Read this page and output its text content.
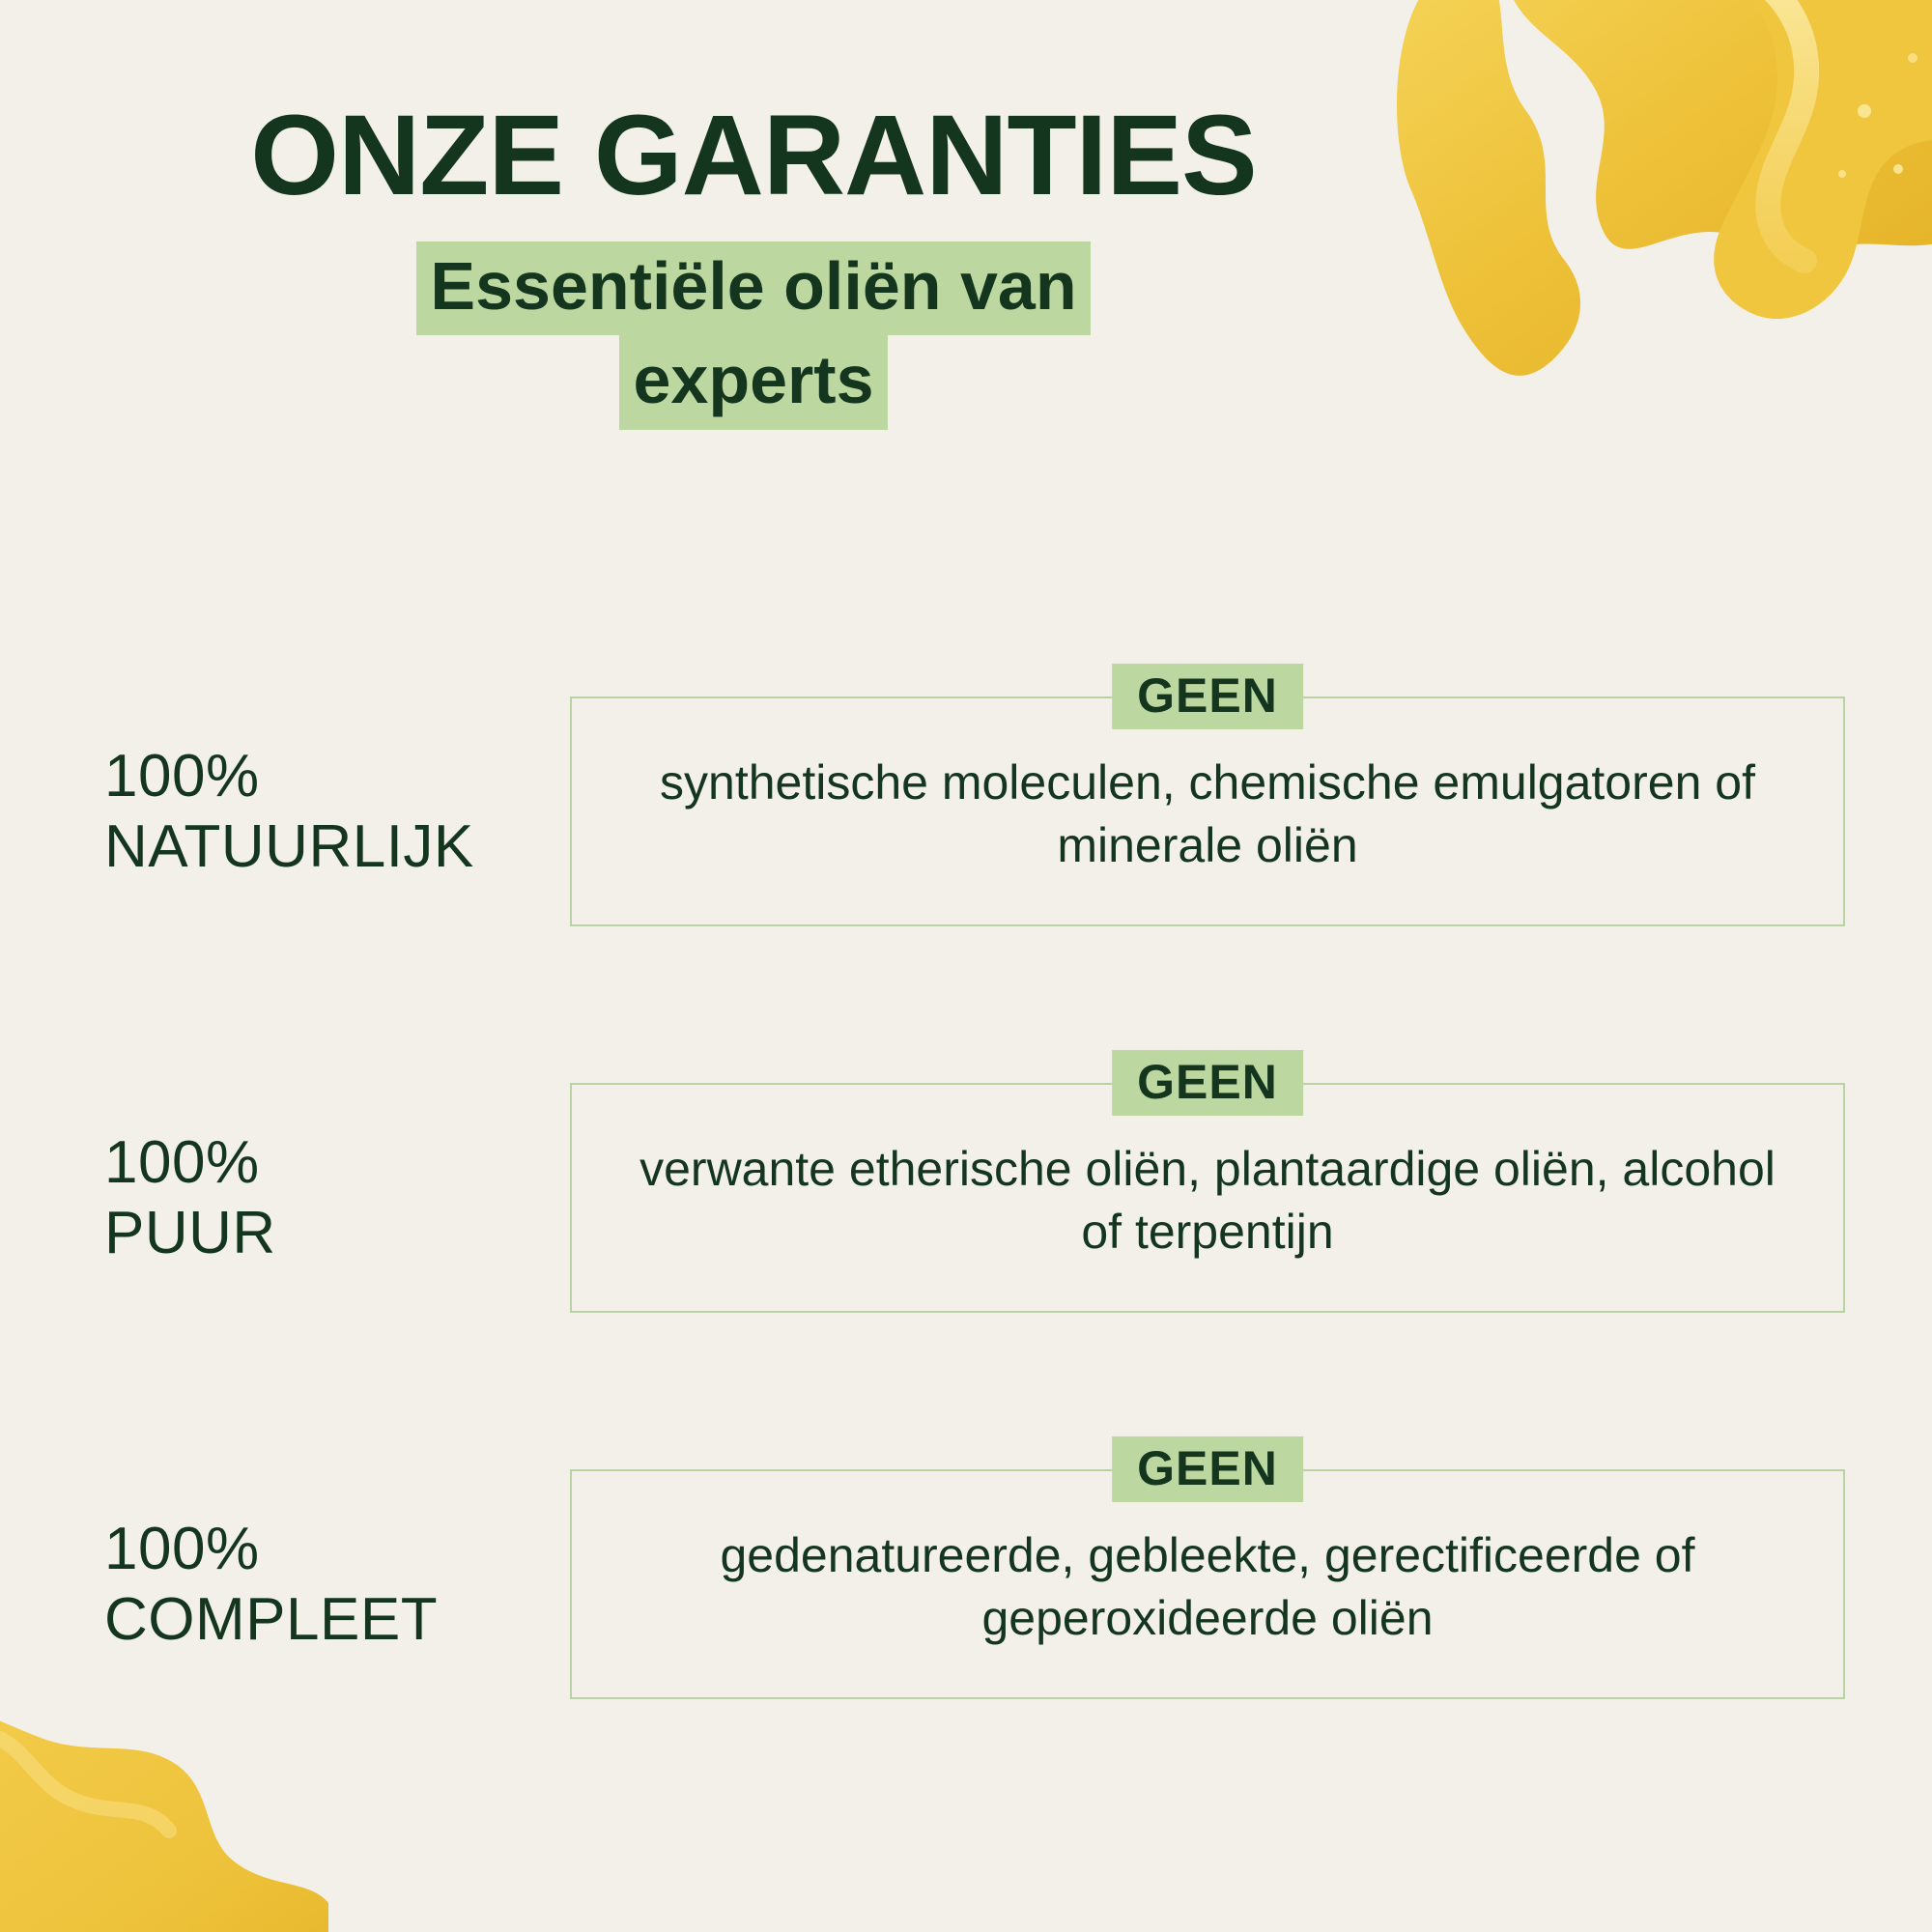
ONZE GARANTIES
Essentiële oliën van
experts
100%
NATUURLIJK
GEEN
synthetische moleculen, chemische emulgatoren of minerale oliën
100%
PUUR
GEEN
verwante etherische oliën, plantaardige oliën, alcohol of terpentijn
100%
COMPLEET
GEEN
gedenatureerde, gebleekte, gerectificeerde of geperoxideerde oliën
